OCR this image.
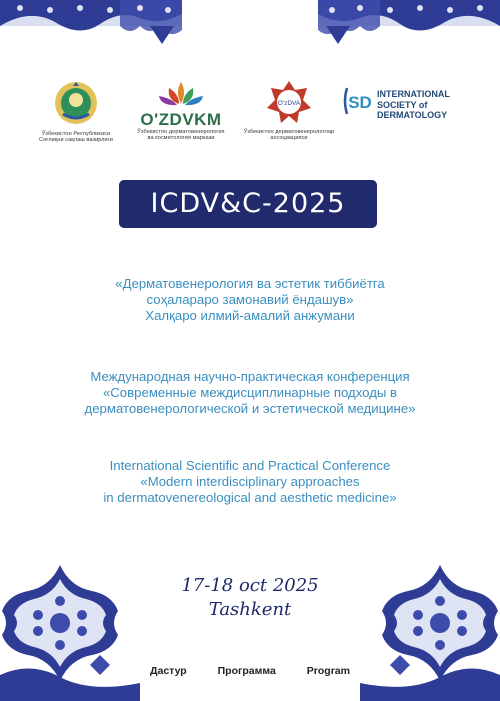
Ўзбекистон Республикаси
Соғлиқни сақлаш вазирлиги
O'ZDVKM
Ўзбекистон дерматовенерология
ва косметология маркази
O'zDVA
Ўзбекистон дерматовенерологлар
ассоциацияси
SD INTERNATIONAL
SOCIETY of
DERMATOLOGY
ICDV&C-2025
«Дерматовенерология ва эстетик тиббиётга
соҳалараро замонавий ёндашув»
Халқаро илмий-амалий анжумани
Международная научно-практическая конференция
«Современные междисциплинарные подходы в
дерматовенерологической и эстетической медицине»
International Scientific and Practical Conference
«Modern interdisciplinary approaches
in dermatovenereological and aesthetic medicine»
17-18 oct 2025
Tashkent
Дастур	Программа	Program
